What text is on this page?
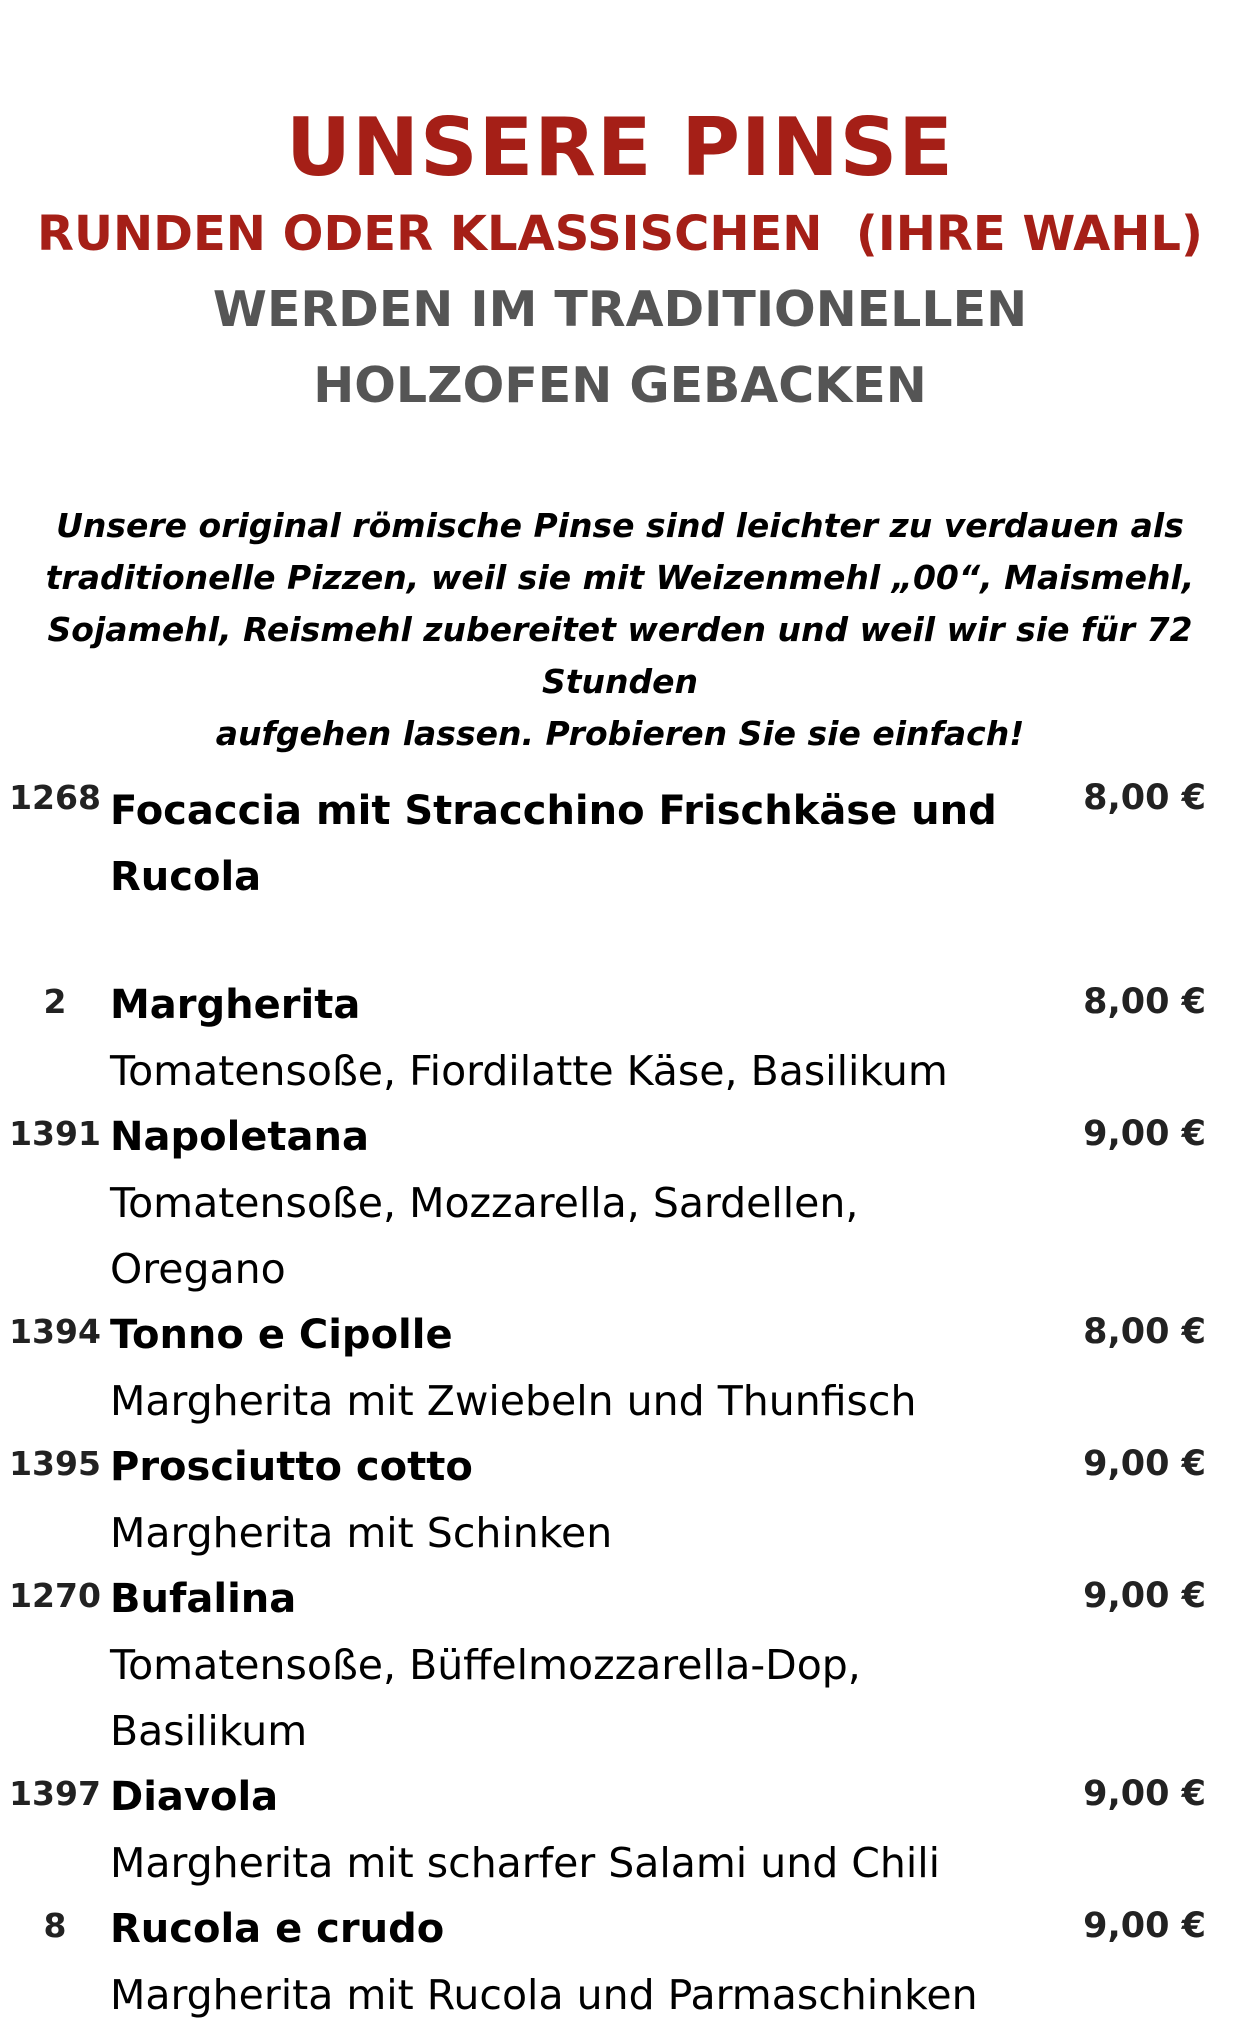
UNSERE PINSE
RUNDEN ODER KLASSISCHEN  (IHRE WAHL)
WERDEN IM TRADITIONELLEN HOLZOFEN GEBACKEN

Unsere original römische Pinse sind leichter zu verdauen als

traditionelle Pizzen, weil sie mit Weizenmehl „00“, Maismehl,

Sojamehl, Reismehl zubereitet werden und weil wir sie für 72 Stunden

aufgehen lassen. Probieren Sie sie einfach!

1268 Focaccia mit Stracchino Frischkäse und
Rucola
8,00 €
2	Margherita
Tomatensoße, Fiordilatte Käse, Basilikum
8,00 €
1391 Napoletana
Tomatensoße, Mozzarella, Sardellen, Oregano
9,00 €
1394 Tonno e Cipolle
Margherita mit Zwiebeln und Thunfisch
8,00 €
1395 Prosciutto cotto
Margherita mit Schinken
9,00 €
1270 Bufalina
Tomatensoße, Büffelmozzarella-Dop, Basilikum
9,00 €
1397 Diavola
Margherita mit scharfer Salami und Chili
9,00 €
8	Rucola e crudo
Margherita mit Rucola und Parmaschinken
9,00 €
